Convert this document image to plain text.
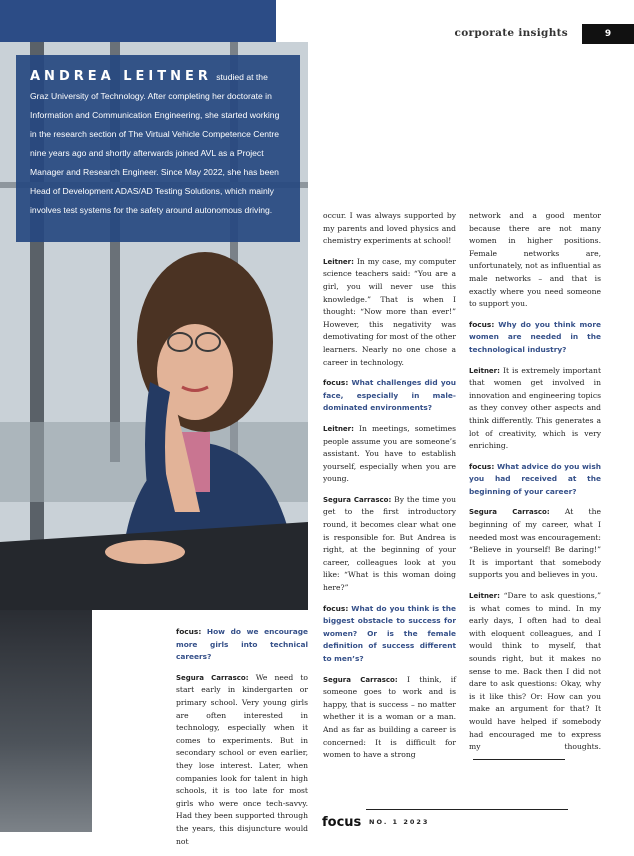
corporate insights	9
ANDREA LEITNER studied at the Graz University of Technology. After completing her doctorate in Information and Communication Engineering, she started working in the research section of The Virtual Vehicle Competence Centre nine years ago and shortly afterwards joined AVL as a Project Manager and Research Engineer. Since May 2022, she has been Head of Development ADAS/AD Testing Solutions, which mainly involves test systems for the safety around autonomous driving.

focus: How do we encourage more girls into technical careers?

Segura Carrasco: We need to start early in kindergarten or primary school. Very young girls are often interested in technology, especially when it comes to experiments. But in secondary school or even earlier, they lose interest. Later, when companies look for talent in high schools, it is too late for most girls who were once tech-savvy. Had they been supported through the years, this disjuncture would not

occur. I was always supported by my parents and loved physics and chemistry experiments at school!

Leitner: In my case, my computer science teachers said: “You are a girl, you will never use this knowledge.” That is when I thought: “Now more than ever!” However, this negativity was demotivating for most of the other learners. Nearly no one chose a career in technology.

focus: What challenges did you face, especially in male-dominated environments?

Leitner: In meetings, sometimes people assume you are someone’s assistant. You have to establish yourself, especially when you are young.

Segura Carrasco: By the time you get to the first introductory round, it becomes clear what one is responsible for. But Andrea is right, at the beginning of your career, colleagues look at you like: “What is this woman doing here?”

focus: What do you think is the biggest obstacle to success for women? Or is the female definition of success different to men’s?

Segura Carrasco: I think, if someone goes to work and is happy, that is success – no matter whether it is a woman or a man. And as far as building a career is concerned: It is difficult for women to have a strong

network and a good mentor because there are not many women in higher positions. Female networks are, unfortunately, not as influential as male networks – and that is exactly where you need someone to support you.

focus: Why do you think more women are needed in the technological industry?

Leitner: It is extremely important that women get involved in innovation and engineering topics as they convey other aspects and think differently. This generates a lot of creativity, which is very enriching.

focus: What advice do you wish you had received at the beginning of your career?

Segura Carrasco: At the beginning of my career, what I needed most was encouragement: “Believe in yourself! Be daring!” It is important that somebody supports you and believes in you.

Leitner: “Dare to ask questions,” is what comes to mind. In my early days, I often had to deal with eloquent colleagues, and I would think to myself, that sounds right, but it makes no sense to me. Back then I did not dare to ask questions: Okay, why is it like this? Or: How can you make an argument for that? It would have helped if somebody had encouraged me to express my thoughts.

focus NO. 1 2023
